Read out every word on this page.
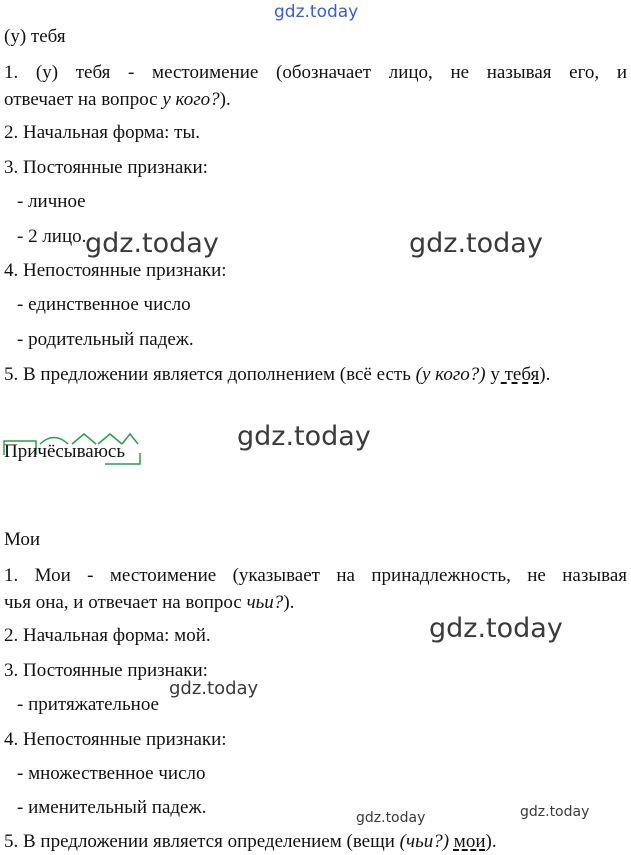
gdz.today
(у) тебя
1. (у) тебя - местоимение (обозначает лицо, не называя его, и
отвечает на вопрос у кого?).
2. Начальная форма: ты.
3. Постоянные признаки:
- личное
- 2 лицо.
4. Непостоянные признаки:
- единственное число
- родительный падеж.
5. В предложении является дополнением (всё есть (у кого?) у тебя).
Причёсываюсь
Мои
1. Мои - местоимение (указывает на принадлежность, не называя
чья она, и отвечает на вопрос чьи?).
2. Начальная форма: мой.
3. Постоянные признаки:
- притяжательное
4. Непостоянные признаки:
- множественное число
- именительный падеж.
5. В предложении является определением (вещи (чьи?) мои).
gdz.today	gdz.today
gdz.today
gdz.today
gdz.today
gdz.today	gdz.today
